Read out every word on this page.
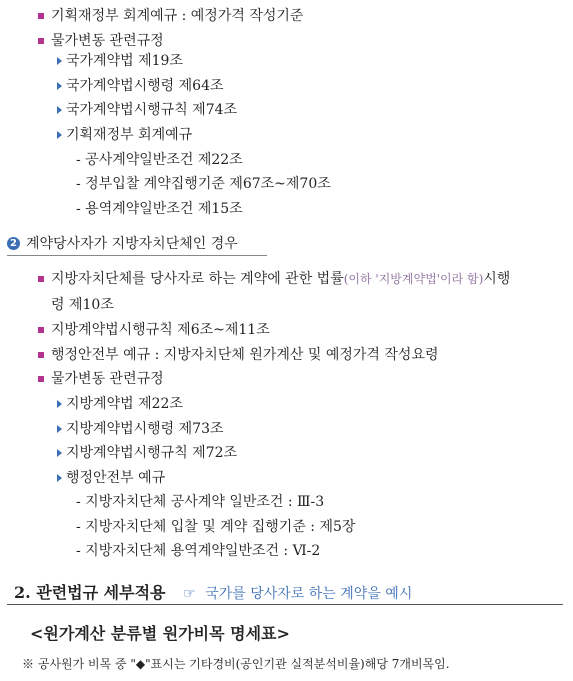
기획재정부 회계예규 : 예정가격 작성기준
물가변동 관련규정
국가계약법 제19조
국가계약법시행령 제64조
국가계약법시행규칙 제74조
기획재정부 회계예규
- 공사계약일반조건 제22조
- 정부입찰 계약집행기준 제67조~제70조
- 용역계약일반조건 제15조
2 계약당사자가 지방자치단체인 경우
지방자치단체를 당사자로 하는 계약에 관한 법률(이하 '지방계약법'이라 함)시행
령 제10조
지방계약법시행규칙 제6조~제11조
행정안전부 예규 : 지방자치단체 원가계산 및 예정가격 작성요령
물가변동 관련규정
지방계약법 제22조
지방계약법시행령 제73조
지방계약법시행규칙 제72조
행정안전부 예규
- 지방자치단체 공사계약 일반조건 : Ⅲ-3
- 지방자치단체 입찰 및 계약 집행기준 : 제5장
- 지방자치단체 용역계약일반조건 : Ⅵ-2
2. 관련법규 세부적용 ☞ 국가를 당사자로 하는 계약을 예시
<원가계산 분류별 원가비목 명세표>
※ 공사원가 비목 중 "◆"표시는 기타경비(공인기관 실적분석비율)해당 7개비목임.
